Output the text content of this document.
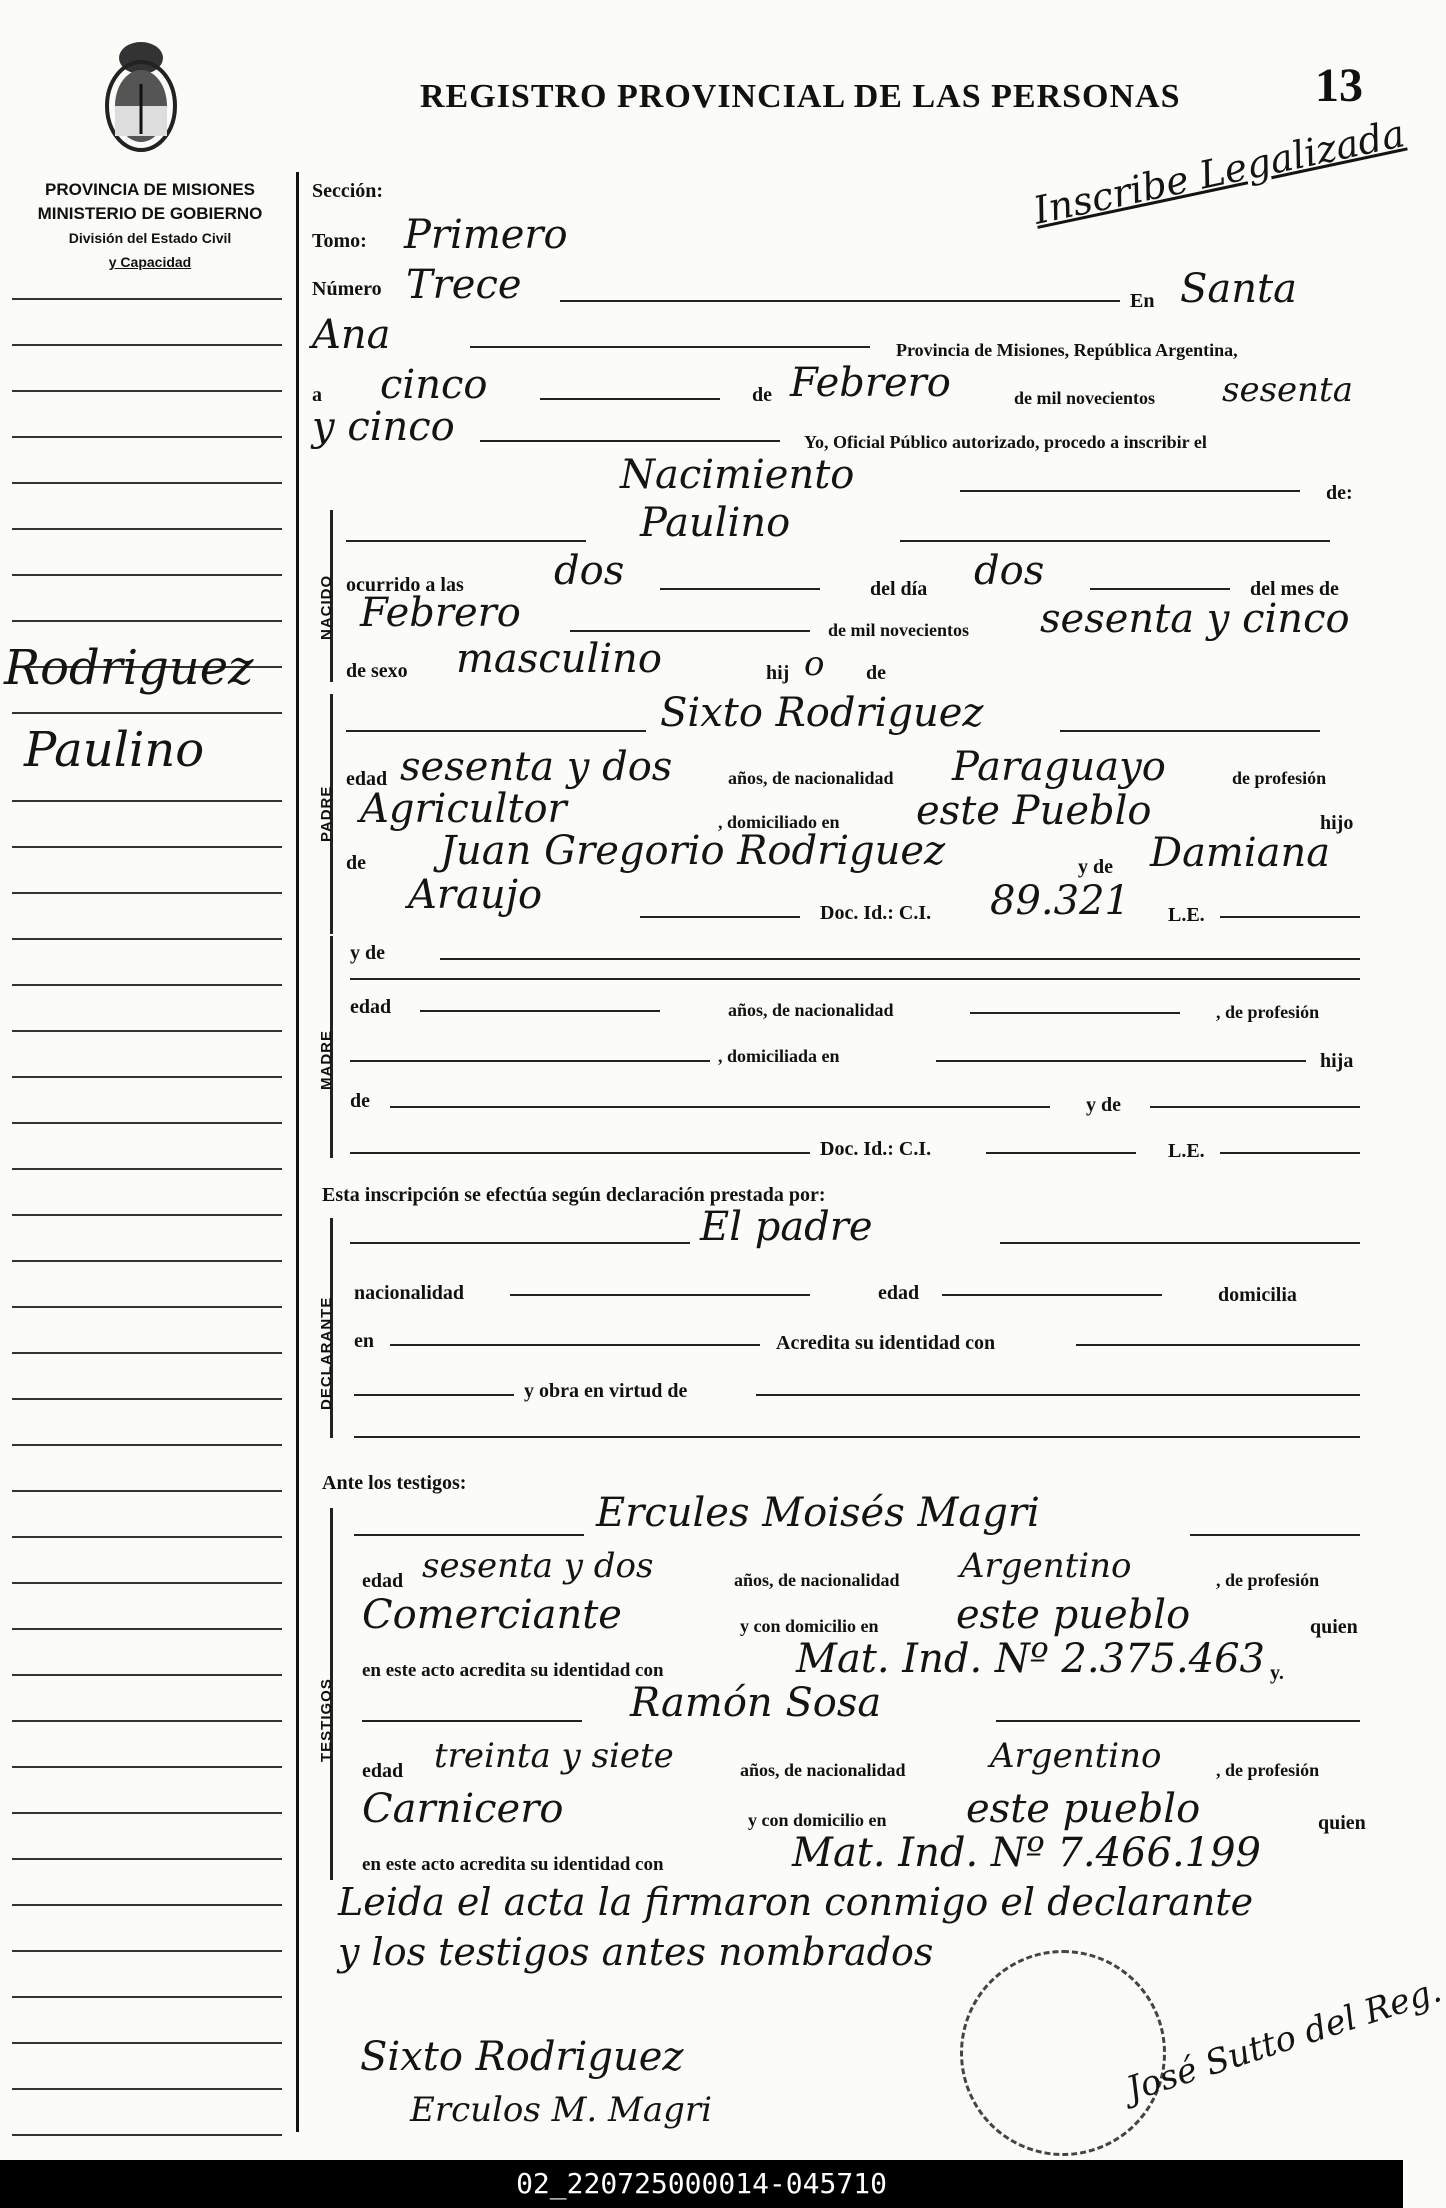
REGISTRO PROVINCIAL DE LAS PERSONAS	13
Inscribe Legalizada
PROVINCIA DE MISIONES
MINISTERIO DE GOBIERNO
División del Estado Civil
y Capacidad
Rodriguez
Paulino
Sección:
Tomo: Primero
Número Trece	En Santa
Ana	Provincia de Misiones, República Argentina,
a cinco	de Febrero	de mil novecientos sesenta
y cinco	Yo, Oficial Público autorizado, procedo a inscribir el
Nacimiento	de:
NACIDO
Paulino
ocurrido a las dos	del día dos	del mes de
Febrero	de mil novecientos sesenta y cinco
de sexo masculino	hij o de
PADRE
Sixto Rodriguez
edad sesenta y dos	años, de nacionalidad Paraguayo	de profesión
Agricultor	, domiciliado en este Pueblo	hijo
de Juan Gregorio Rodriguez	y de Damiana
Araujo	Doc. Id.: C.I. 89.321 L.E.
MADRE
y de
edad	años, de nacionalidad	, de profesión
, domiciliada en	hija
de	y de
Doc. Id.: C.I.	L.E.
Esta inscripción se efectúa según declaración prestada por:
DECLARANTE
El padre
nacionalidad	edad	domicilia
en	Acredita su identidad con
y obra en virtud de
Ante los testigos:
TESTIGOS
Ercules Moisés Magri
edad sesenta y dos	años, de nacionalidad Argentino	, de profesión
Comerciante	y con domicilio en este pueblo	quien
en este acto acredita su identidad con	Mat. Ind. Nº 2.375.463 y.
Ramón Sosa
edad treinta y siete	años, de nacionalidad Argentino	, de profesión
Carnicero	y con domicilio en este pueblo	quien
en este acto acredita su identidad con	Mat. Ind. Nº 7.466.199
Leida el acta la firmaron conmigo el declarante
y los testigos antes nombrados
Sixto Rodriguez
Erculos M. Magri
José Sutto del Reg.
02_220725000014-045710
